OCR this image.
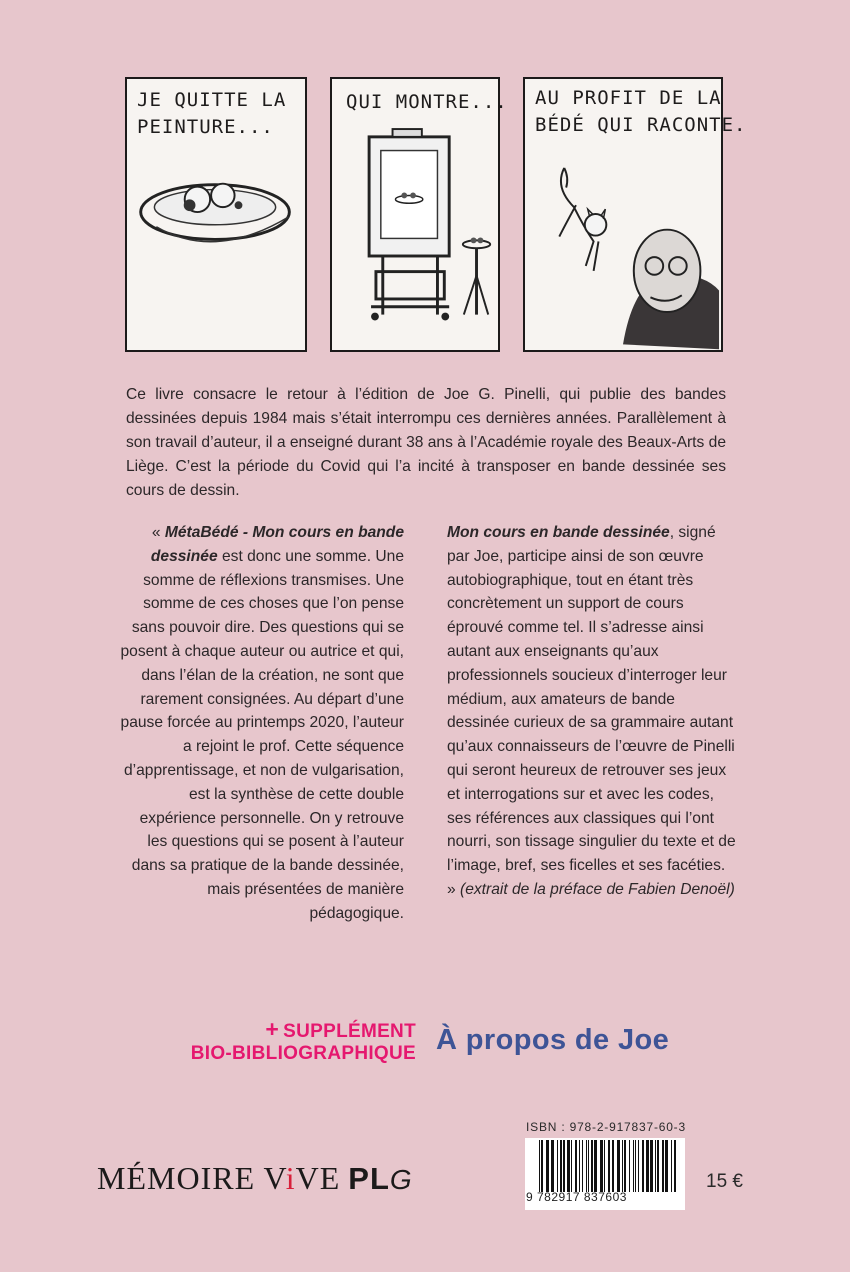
JE QUITTE LA
PEINTURE...
QUI MONTRE... AU PROFIT DE LA
BÉDÉ QUI RACONTE.

Ce livre consacre le retour à l’édition de Joe G. Pinelli, qui publie des bandes dessinées depuis 1984 mais s’était interrompu ces dernières années. Parallèlement à son travail d’auteur, il a enseigné durant 38 ans à l’Académie royale des Beaux-Arts de Liège. C’est la période du Covid qui l’a incité à transposer en bande dessinée ses cours de dessin.

« MétaBédé - Mon cours en bande dessinée est donc une somme. Une somme de réflexions transmises. Une somme de ces choses que l’on pense sans pouvoir dire. Des questions qui se posent à chaque auteur ou autrice et qui, dans l’élan de la création, ne sont que rarement consignées. Au départ d’une pause forcée au printemps 2020, l’auteur a rejoint le prof. Cette séquence d’apprentissage, et non de vulgarisation, est la synthèse de cette double expérience personnelle. On y retrouve les questions qui se posent à l’auteur dans sa pratique de la bande dessinée, mais présentées de manière pédagogique.
Mon cours en bande dessinée, signé par Joe, participe ainsi de son œuvre autobiographique, tout en étant très concrètement un support de cours éprouvé comme tel. Il s’adresse ainsi autant aux enseignants qu’aux professionnels soucieux d’interroger leur médium, aux amateurs de bande dessinée curieux de sa grammaire autant qu’aux connaisseurs de l’œuvre de Pinelli qui seront heureux de retrouver ses jeux et interrogations sur et avec les codes, ses références aux classiques qui l’ont nourri, son tissage singulier du texte et de l’image, bref, ses ficelles et ses facéties. » (extrait de la préface de Fabien Denoël)
+ SUPPLÉMENT
BIO-BIBLIOGRAPHIQUE À propos de Joe
MÉMOIRE ViVE PLG
ISBN : 978-2-917837-60-3
9 782917 837603
15 €
